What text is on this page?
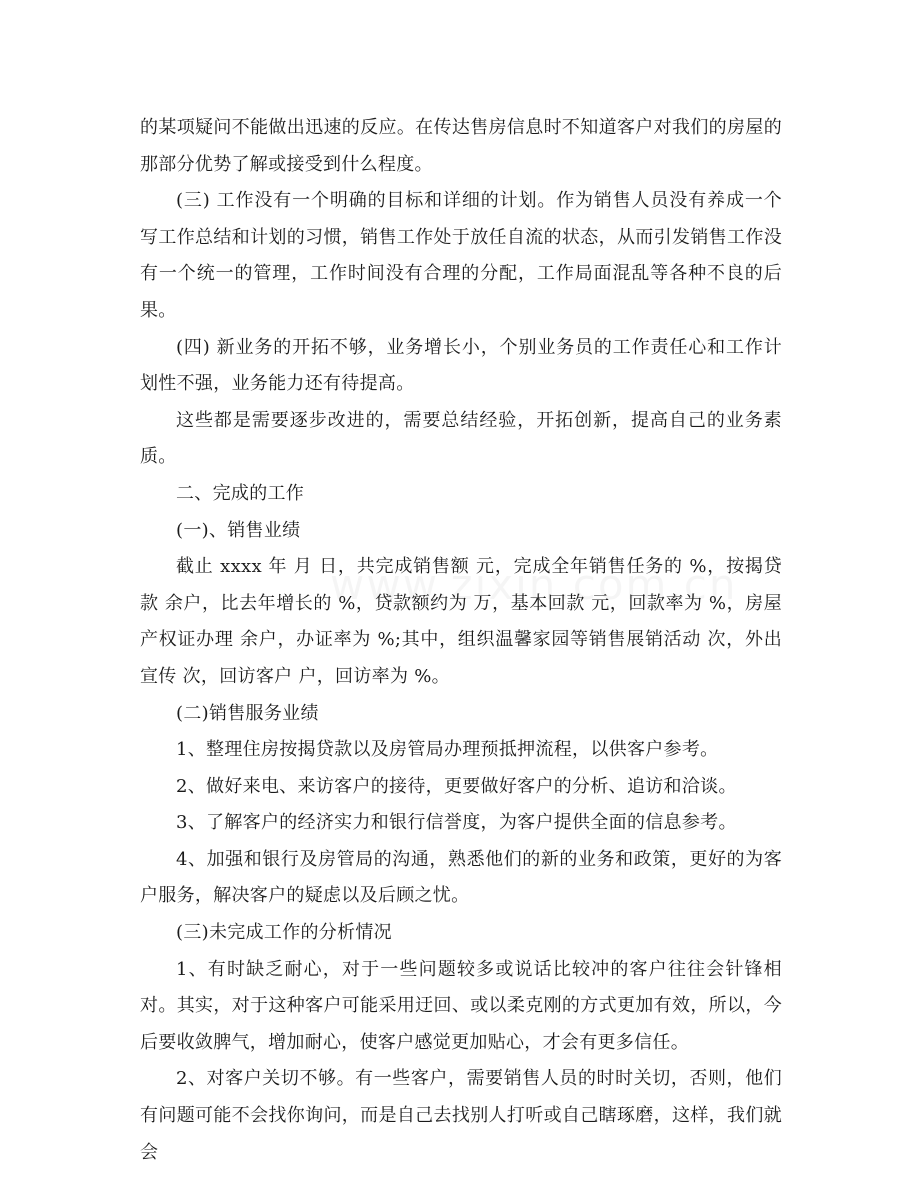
的某项疑问不能做出迅速的反应。在传达售房信息时不知道客户对我们的房屋的那部分优势了解或接受到什么程度。

(三) 工作没有一个明确的目标和详细的计划。作为销售人员没有养成一个写工作总结和计划的习惯，销售工作处于放任自流的状态，从而引发销售工作没有一个统一的管理，工作时间没有合理的分配，工作局面混乱等各种不良的后果。

(四) 新业务的开拓不够，业务增长小，个别业务员的工作责任心和工作计划性不强，业务能力还有待提高。

这些都是需要逐步改进的，需要总结经验，开拓创新，提高自己的业务素质。

二、完成的工作

(一)、销售业绩

截止 xxxx 年 月 日，共完成销售额 元，完成全年销售任务的 %，按揭贷款 余户，比去年增长的 %，贷款额约为 万，基本回款 元，回款率为 %，房屋产权证办理 余户，办证率为 %;其中，组织温馨家园等销售展销活动 次，外出宣传 次，回访客户 户，回访率为 %。

(二)销售服务业绩

1、整理住房按揭贷款以及房管局办理预抵押流程，以供客户参考。

2、做好来电、来访客户的接待，更要做好客户的分析、追访和洽谈。

3、了解客户的经济实力和银行信誉度，为客户提供全面的信息参考。

4、加强和银行及房管局的沟通，熟悉他们的新的业务和政策，更好的为客户服务，解决客户的疑虑以及后顾之忧。

(三)未完成工作的分析情况

1、有时缺乏耐心，对于一些问题较多或说话比较冲的客户往往会针锋相对。其实，对于这种客户可能采用迂回、或以柔克刚的方式更加有效，所以，今后要收敛脾气，增加耐心，使客户感觉更加贴心，才会有更多信任。

2、对客户关切不够。有一些客户，需要销售人员的时时关切，否则，他们有问题可能不会找你询问，而是自己去找别人打听或自己瞎琢磨，这样，我们就会
